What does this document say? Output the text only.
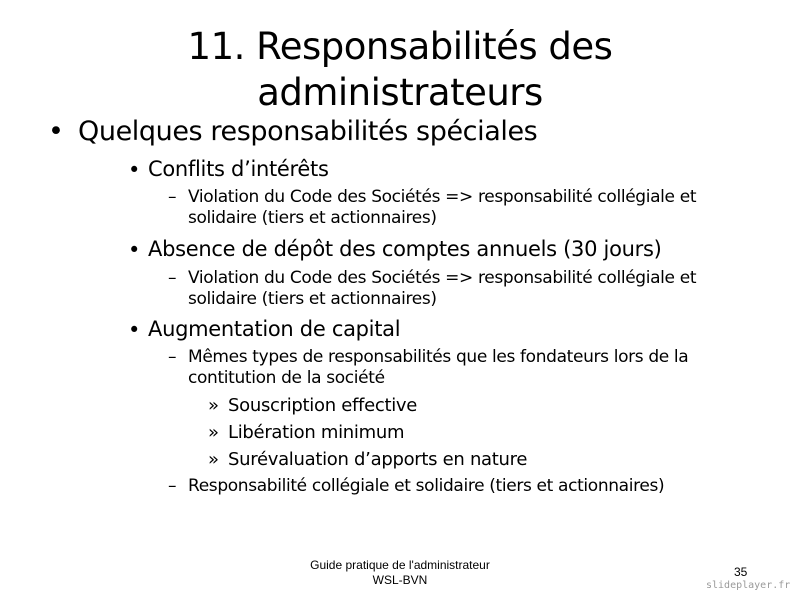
11. Responsabilités des
administrateurs
• Quelques responsabilités spéciales
• Conflits d’intérêts
– Violation du Code des Sociétés => responsabilité collégiale et
solidaire (tiers et actionnaires)
• Absence de dépôt des comptes annuels (30 jours)
– Violation du Code des Sociétés => responsabilité collégiale et
solidaire (tiers et actionnaires)
• Augmentation de capital
– Mêmes types de responsabilités que les fondateurs lors de la
contitution de la société
» Souscription effective
» Libération minimum
» Surévaluation d’apports en nature
– Responsabilité collégiale et solidaire (tiers et actionnaires)
Guide pratique de l'administrateur
WSL-BVN
35
slideplayer.fr
